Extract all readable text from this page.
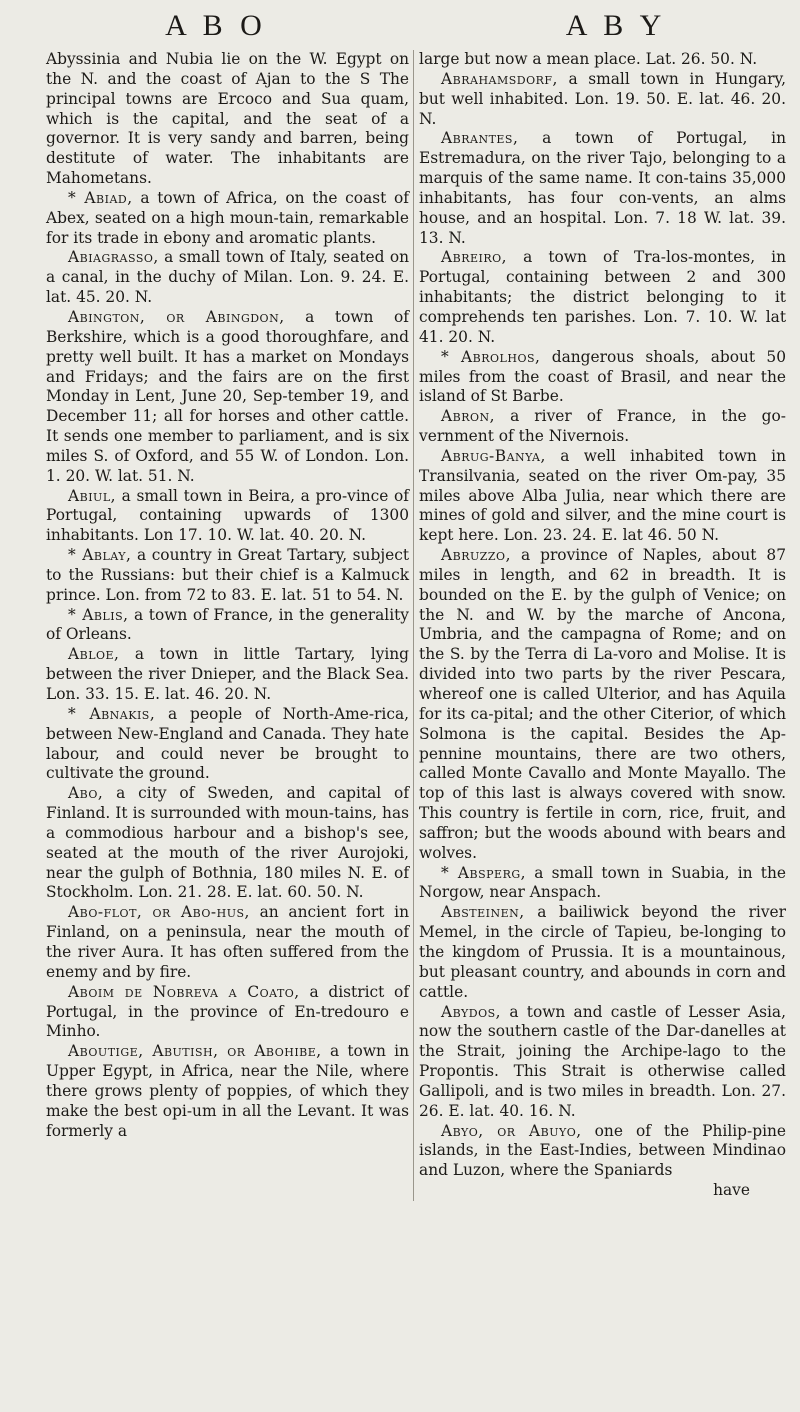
A B O	A B Y

Abyssinia and Nubia lie on the W. Egypt on the N. and the coast of Ajan to the S The principal towns are Ercoco and Sua quam, which is the capital, and the seat of a governor. It is very sandy and barren, being destitute of water. The inhabitants are Mahometans.

* Abiad, a town of Africa, on the coast of Abex, seated on a high moun-tain, remarkable for its trade in ebony and aromatic plants.

Abiagrasso, a small town of Italy, seated on a canal, in the duchy of Milan. Lon. 9. 24. E. lat. 45. 20. N.

Abington, or Abingdon, a town of Berkshire, which is a good thoroughfare, and pretty well built. It has a market on Mondays and Fridays; and the fairs are on the first Monday in Lent, June 20, Sep-tember 19, and December 11; all for horses and other cattle. It sends one member to parliament, and is six miles S. of Oxford, and 55 W. of London. Lon. 1. 20. W. lat. 51. N.

Abiul, a small town in Beira, a pro-vince of Portugal, containing upwards of 1300 inhabitants. Lon 17. 10. W. lat. 40. 20. N.

* Ablay, a country in Great Tartary, subject to the Russians: but their chief is a Kalmuck prince. Lon. from 72 to 83. E. lat. 51 to 54. N.

* Ablis, a town of France, in the generality of Orleans.

Abloe, a town in little Tartary, lying between the river Dnieper, and the Black Sea. Lon. 33. 15. E. lat. 46. 20. N.

* Abnakis, a people of North-Ame-rica, between New-England and Canada. They hate labour, and could never be brought to cultivate the ground.

Abo, a city of Sweden, and capital of Finland. It is surrounded with moun-tains, has a commodious harbour and a bishop's see, seated at the mouth of the river Aurojoki, near the gulph of Bothnia, 180 miles N. E. of Stockholm. Lon. 21. 28. E. lat. 60. 50. N.

Abo-flot, or Abo-hus, an ancient fort in Finland, on a peninsula, near the mouth of the river Aura. It has often suffered from the enemy and by fire.

Aboim de Nobreva a Coato, a district of Portugal, in the province of En-tredouro e Minho.

Aboutige, Abutish, or Abohibe, a town in Upper Egypt, in Africa, near the Nile, where there grows plenty of poppies, of which they make the best opi-um in all the Levant. It was formerly a

large but now a mean place. Lat. 26. 50. N.

Abrahamsdorf, a small town in Hungary, but well inhabited. Lon. 19. 50. E. lat. 46. 20. N.

Abrantes, a town of Portugal, in Estremadura, on the river Tajo, belonging to a marquis of the same name. It con-tains 35,000 inhabitants, has four con-vents, an alms house, and an hospital. Lon. 7. 18 W. lat. 39. 13. N.

Abreiro, a town of Tra-los-montes, in Portugal, containing between 2 and 300 inhabitants; the district belonging to it comprehends ten parishes. Lon. 7. 10. W. lat 41. 20. N.

* Abrolhos, dangerous shoals, about 50 miles from the coast of Brasil, and near the island of St Barbe.

Abron, a river of France, in the go-vernment of the Nivernois.

Abrug-Banya, a well inhabited town in Transilvania, seated on the river Om-pay, 35 miles above Alba Julia, near which there are mines of gold and silver, and the mine court is kept here. Lon. 23. 24. E. lat 46. 50 N.

Abruzzo, a province of Naples, about 87 miles in length, and 62 in breadth. It is bounded on the E. by the gulph of Venice; on the N. and W. by the marche of Ancona, Umbria, and the campagna of Rome; and on the S. by the Terra di La-voro and Molise. It is divided into two parts by the river Pescara, whereof one is called Ulterior, and has Aquila for its ca-pital; and the other Citerior, of which Solmona is the capital. Besides the Ap-pennine mountains, there are two others, called Monte Cavallo and Monte Mayallo. The top of this last is always covered with snow. This country is fertile in corn, rice, fruit, and saffron; but the woods abound with bears and wolves.

* Absperg, a small town in Suabia, in the Norgow, near Anspach.

Absteinen, a bailiwick beyond the river Memel, in the circle of Tapieu, be-longing to the kingdom of Prussia. It is a mountainous, but pleasant country, and abounds in corn and cattle.

Abydos, a town and castle of Lesser Asia, now the southern castle of the Dar-danelles at the Strait, joining the Archipe-lago to the Propontis. This Strait is otherwise called Gallipoli, and is two miles in breadth. Lon. 27. 26. E. lat. 40. 16. N.

Abyo, or Abuyo, one of the Philip-pine islands, in the East-Indies, between Mindinao and Luzon, where the Spaniards

have
